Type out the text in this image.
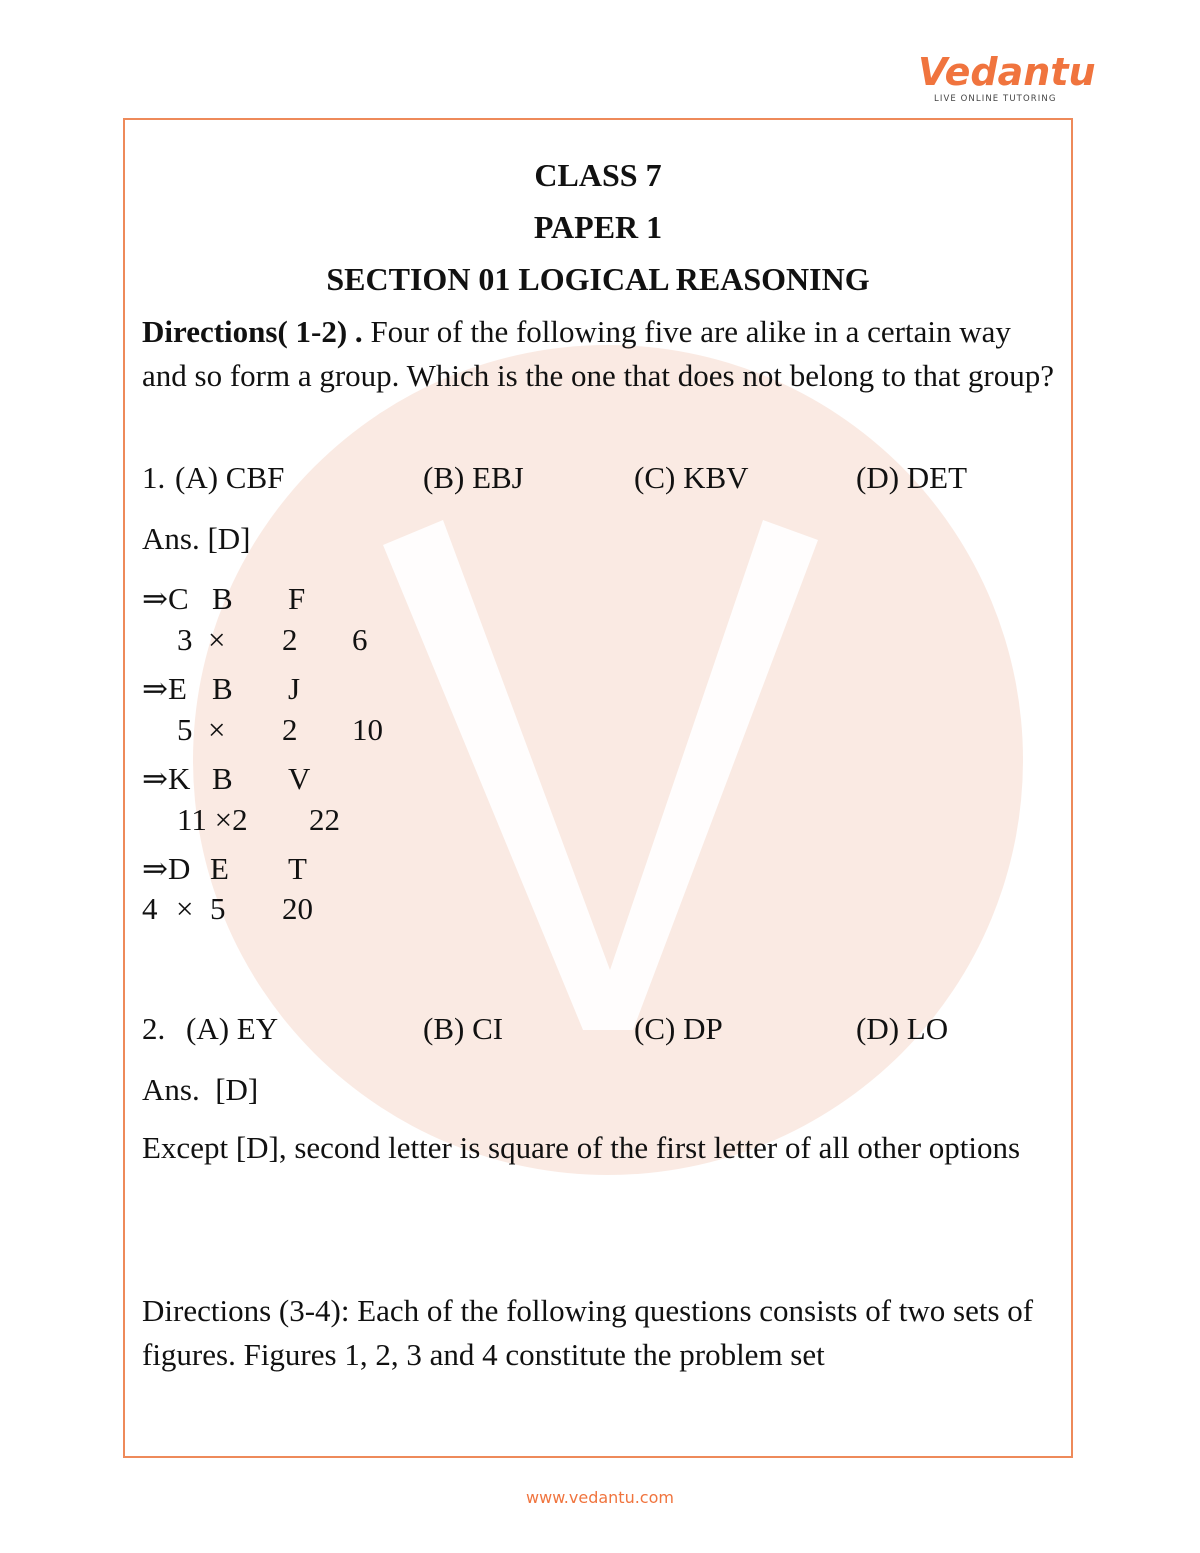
Vedantu
LIVE ONLINE TUTORING
CLASS 7
PAPER 1
SECTION 01 LOGICAL REASONING
Directions( 1-2) . Four of the following five are alike in a certain way and so form a group. Which is the one that does not belong to that group?
1. (A) CBF	(B) EBJ	(C) KBV	(D) DET
Ans. [D]
⇒C B F
3 × 2 6
⇒E B J
5 × 2 10
⇒K B V
11 ×2 22
⇒D E T
4 × 5 20
2. (A) EY	(B) CI	(C) DP	(D) LO
Ans.  [D]
Except [D], second letter is square of the first letter of all other options
Directions (3-4): Each of the following questions consists of two sets of figures. Figures 1, 2, 3 and 4 constitute the problem set
www.vedantu.com
